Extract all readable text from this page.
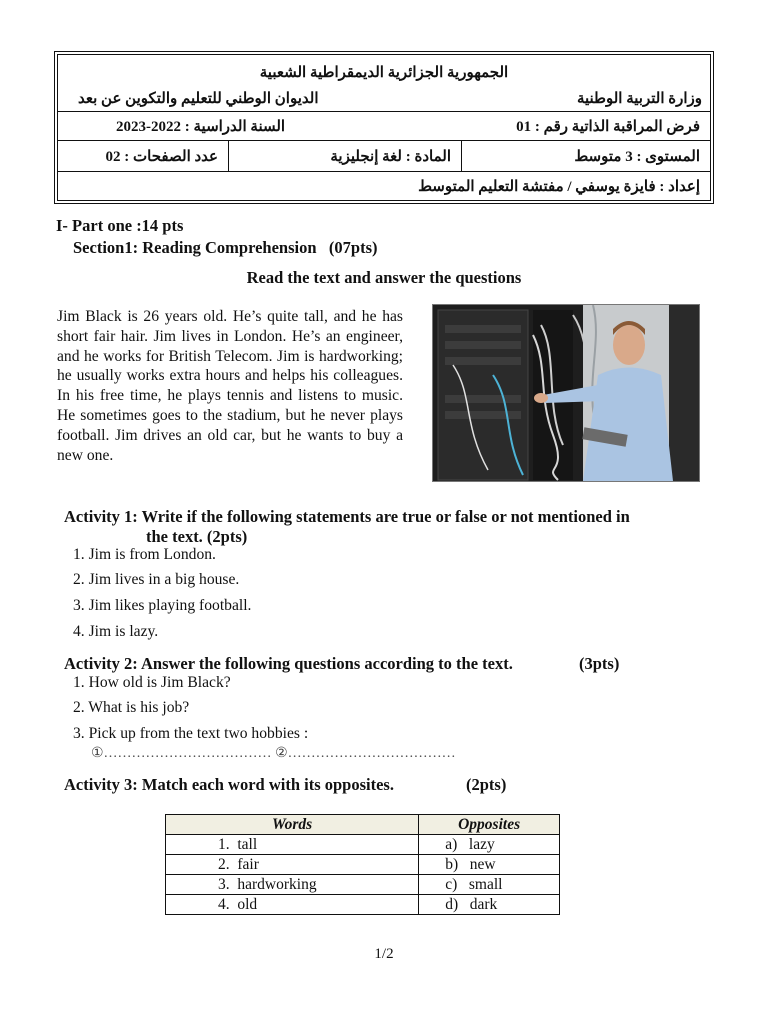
الجمهورية الجزائرية الديمقراطية الشعبية
وزارة التربية الوطنية
الديوان الوطني للتعليم والتكوين عن بعد
فرض المراقبة الذاتية رقم : 01
السنة الدراسية : 2022-2023
المستوى : 3 متوسط
المادة : لغة إنجليزية
عدد الصفحات : 02
إعداد : فايزة يوسفي / مفتشة التعليم المتوسط
I- Part one :14 pts
Section1: Reading Comprehension   (07pts)
Read the text and answer the questions
Jim Black is 26 years old. He’s quite tall, and he has short fair hair. Jim lives in London. He’s an engineer, and he works for British Telecom. Jim is hardworking; he usually works extra hours and helps his colleagues. In his free time, he plays tennis and listens to music. He sometimes goes to the stadium, but he never plays football. Jim drives an old car, but he wants to buy a new one.
Activity 1: Write if the following statements are true or false or not mentioned in
the text. (2pts)
1. Jim is from London.
2. Jim lives in a big house.
3. Jim likes playing football.
4. Jim is lazy.
Activity 2: Answer the following questions according to the text.	(3pts)
1. How old is Jim Black?
2. What is his job?
3. Pick up from the text two hobbies :
①……………………………… ②………………………………
Activity 3: Match each word with its opposites.	(2pts)
Words	Opposites
1.  tall	a)   lazy
2.  fair	b)   new
3.  hardworking	c)   small
4.  old	d)   dark
1/2
